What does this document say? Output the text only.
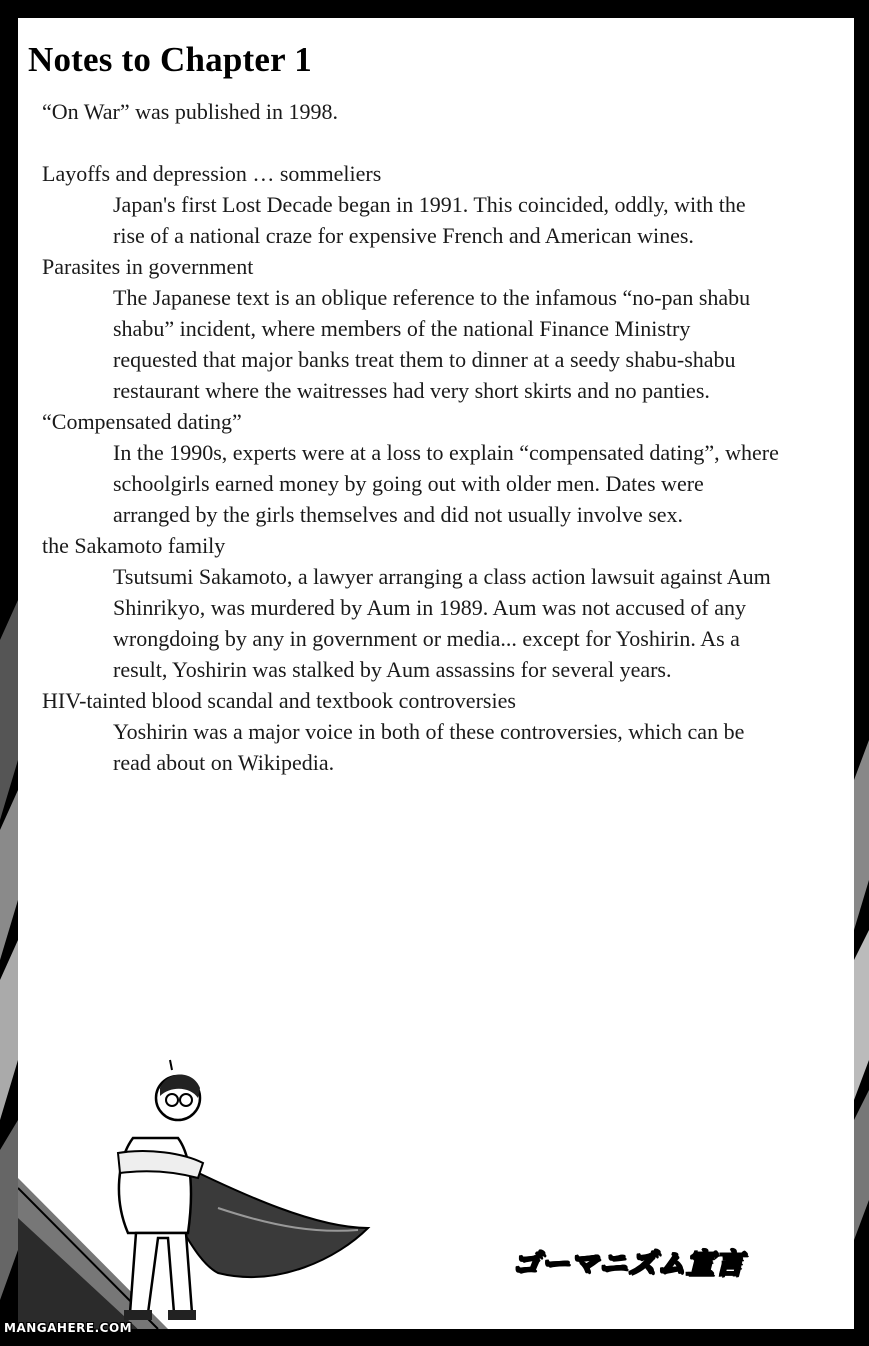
Notes to Chapter 1

“On War” was published in 1998.

Layoffs and depression … sommeliers

Japan's first Lost Decade began in 1991. This coincided, oddly, with the

rise of a national craze for expensive French and American wines.

Parasites in government

The Japanese text is an oblique reference to the infamous “no-pan shabu

shabu” incident, where members of the national Finance Ministry

requested that major banks treat them to dinner at a seedy shabu-shabu

restaurant where the waitresses had very short skirts and no panties.

“Compensated dating”

In the 1990s, experts were at a loss to explain “compensated dating”, where

schoolgirls earned money by going out with older men. Dates were

arranged by the girls themselves and did not usually involve sex.

the Sakamoto family

Tsutsumi Sakamoto, a lawyer arranging a class action lawsuit against Aum

Shinrikyo, was murdered by Aum in 1989. Aum was not accused of any

wrongdoing by any in government or media... except for Yoshirin. As a

result, Yoshirin was stalked by Aum assassins for several years.

HIV-tainted blood scandal and textbook controversies

Yoshirin was a major voice in both of these controversies, which can be

read about on Wikipedia.

ゴーマニズム宣言
MANGAHERE.COM
